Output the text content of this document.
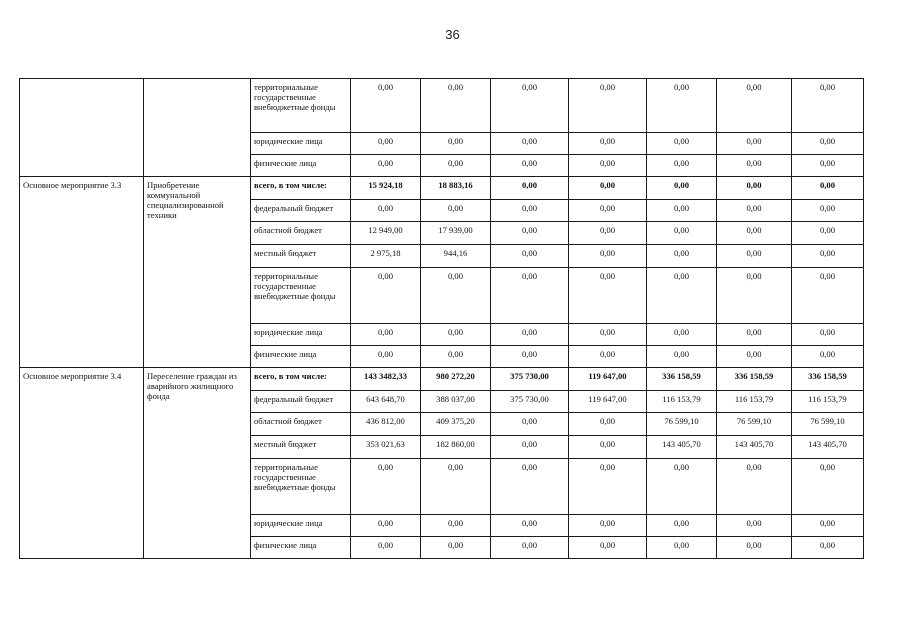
36
		территориальные государственные внебюджетные фонды	0,00	0,00	0,00	0,00	0,00	0,00	0,00
		юридические лица	0,00	0,00	0,00	0,00	0,00	0,00	0,00
		физические лица	0,00	0,00	0,00	0,00	0,00	0,00	0,00
Основное мероприятие 3.3	Приобретение коммунальной специализированной техники	всего, в том числе:	15 924,18	18 883,16	0,00	0,00	0,00	0,00	0,00
		федеральный бюджет	0,00	0,00	0,00	0,00	0,00	0,00	0,00
		областной бюджет	12 949,00	17 939,00	0,00	0,00	0,00	0,00	0,00
		местный бюджет	2 975,18	944,16	0,00	0,00	0,00	0,00	0,00
		территориальные государственные внебюджетные фонды	0,00	0,00	0,00	0,00	0,00	0,00	0,00
		юридические лица	0,00	0,00	0,00	0,00	0,00	0,00	0,00
		физические лица	0,00	0,00	0,00	0,00	0,00	0,00	0,00
Основное мероприятие 3.4	Переселение граждан из аварийного жилищного фонда	всего, в том числе:	143 3482,33	980 272,20	375 730,00	119 647,00	336 158,59	336 158,59	336 158,59
		федеральный бюджет	643 648,70	388 037,00	375 730,00	119 647,00	116 153,79	116 153,79	116 153,79
		областной бюджет	436 812,00	409 375,20	0,00	0,00	76 599,10	76 599,10	76 599,10
		местный бюджет	353 021,63	182 860,00	0,00	0,00	143 405,70	143 405,70	143 405,70
		территориальные государственные внебюджетные фонды	0,00	0,00	0,00	0,00	0,00	0,00	0,00
		юридические лица	0,00	0,00	0,00	0,00	0,00	0,00	0,00
		физические лица	0,00	0,00	0,00	0,00	0,00	0,00	0,00
